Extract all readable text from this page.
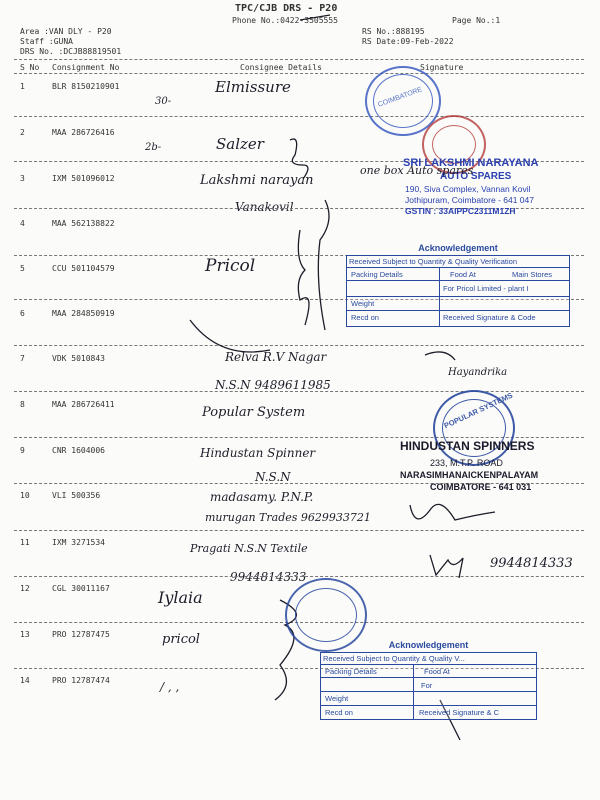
TPC/CJB DRS - P20
Phone No.:0422-3505555
Area :VAN DLY - P20
Staff :GUNA
DRS No. :DCJB88819501
RS No.:888195
RS Date:09-Feb-2022
Page No.:1
S No Consignment No	Consignee Details	Signature
1	BLR 8150210901	Elmissure
30-
2	MAA 286726416
Salzer
2b-
3	IXM 501096012	Lakshmi narayan
Vanakovil
4	MAA 562138822
5	CCU 501104579	Pricol
6	MAA 284850919
7	VDK 5010843	Relva R.V Nagar
N.S.N 9489611985
8	MAA 286726411
Popular System
9	CNR 1604006	Hindustan Spinner
N.S.N
10	VLI 500356	madasamy. P.N.P.
murugan Trades 9629933721
11	IXM 3271534	Pragati N.S.N Textile
9944814333
12	CGL 30011167	Iylaia
13	PRO 12787475	pricol
14	PRO 12787474	/ , ,
COIMBATORE
SRI LAKSHMI NARAYANA
AUTO SPARES
190, Siva Complex, Vannan Kovil
Jothipuram, Coimbatore - 641 047
GSTIN : 33AIPPC2311M1ZH
one box Auto spares
Acknowledgement
Received Subject to Quantity & Quality Verification
Packing Details	Food At	Main Stores
For Pricol Limited - plant I
Weight
Recd on	Received Signature & Code
POPULAR SYSTEMS
Hayandrika
HINDUSTAN SPINNERS
233, M.T.P. ROAD
NARASIMHANAICKENPALAYAM
COIMBATORE - 641 031
9944814333
Acknowledgement
Received Subject to Quantity & Quality V...
Packing Details	Food At
For
Weight
Recd on	Received Signature & C
